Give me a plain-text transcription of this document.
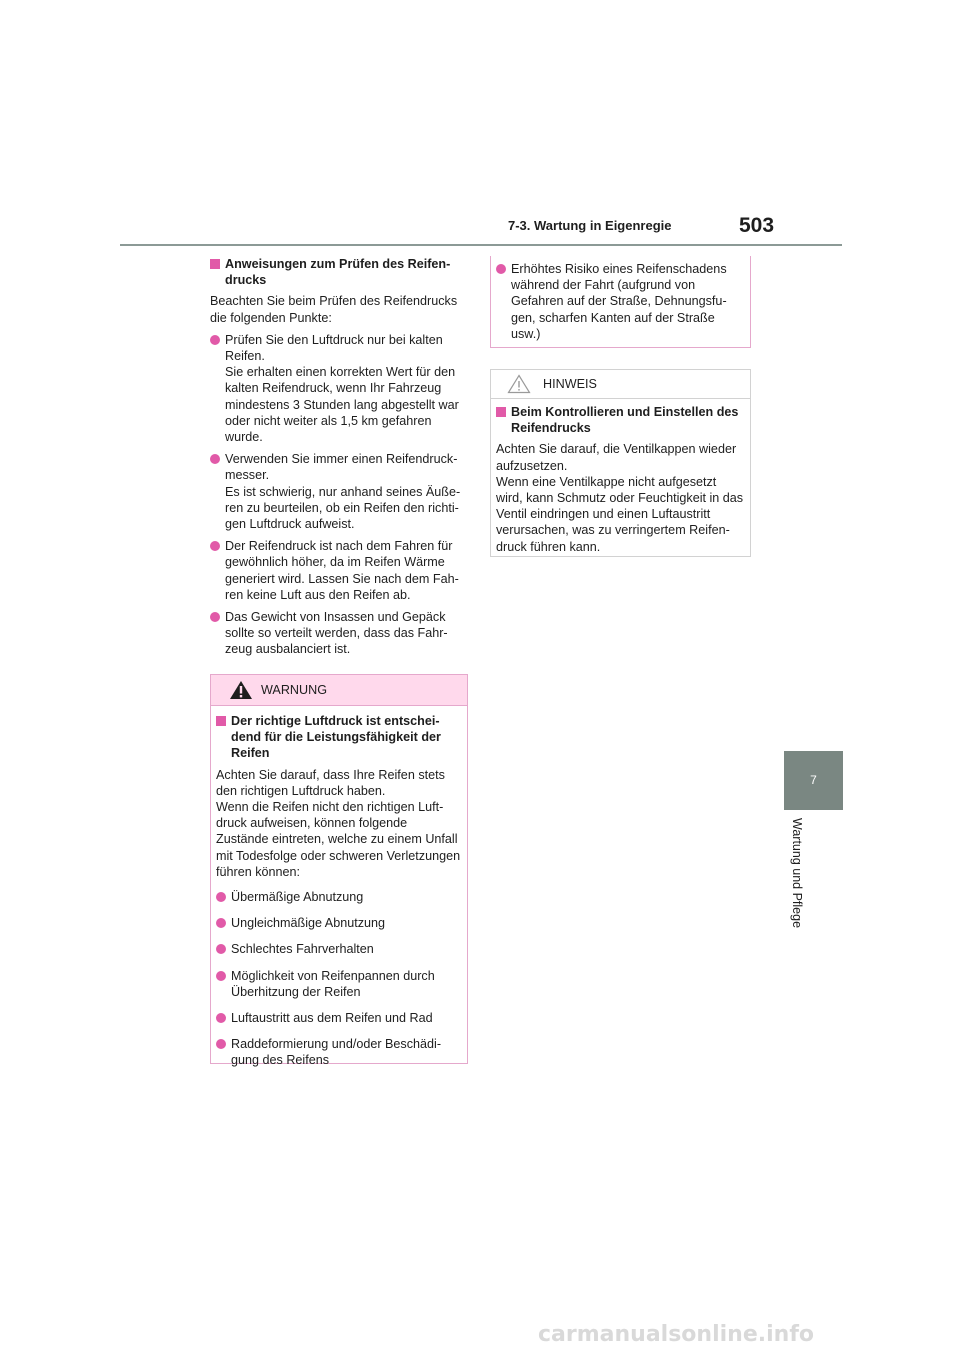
7-3. Wartung in Eigenregie	503
7
Wartung und Pflege
Anweisungen zum Prüfen des Reifendrucks
Beachten Sie beim Prüfen des Reifendrucks die folgenden Punkte:
Prüfen Sie den Luftdruck nur bei kalten Reifen.
Sie erhalten einen korrekten Wert für den kalten Reifendruck, wenn Ihr Fahrzeug mindestens 3 Stunden lang abgestellt war oder nicht weiter als 1,5 km gefahren wurde.
Verwenden Sie immer einen Reifendruckmesser.
Es ist schwierig, nur anhand seines Äußeren zu beurteilen, ob ein Reifen den richtigen Luftdruck aufweist.
Der Reifendruck ist nach dem Fahren für gewöhnlich höher, da im Reifen Wärme generiert wird. Lassen Sie nach dem Fahren keine Luft aus den Reifen ab.
Das Gewicht von Insassen und Gepäck sollte so verteilt werden, dass das Fahrzeug ausbalanciert ist.
WARNUNG
Der richtige Luftdruck ist entscheidend für die Leistungsfähigkeit der Reifen
Achten Sie darauf, dass Ihre Reifen stets den richtigen Luftdruck haben.
Wenn die Reifen nicht den richtigen Luftdruck aufweisen, können folgende Zustände eintreten, welche zu einem Unfall mit Todesfolge oder schweren Verletzungen führen können:
Übermäßige Abnutzung
Ungleichmäßige Abnutzung
Schlechtes Fahrverhalten
Möglichkeit von Reifenpannen durch Überhitzung der Reifen
Luftaustritt aus dem Reifen und Rad
Raddeformierung und/oder Beschädigung des Reifens
Erhöhtes Risiko eines Reifenschadens während der Fahrt (aufgrund von Gefahren auf der Straße, Dehnungsfugen, scharfen Kanten auf der Straße usw.)
HINWEIS
Beim Kontrollieren und Einstellen des Reifendrucks
Achten Sie darauf, die Ventilkappen wieder aufzusetzen.
Wenn eine Ventilkappe nicht aufgesetzt wird, kann Schmutz oder Feuchtigkeit in das Ventil eindringen und einen Luftaustritt verursachen, was zu verringertem Reifendruck führen kann.
carmanualsonline.info
